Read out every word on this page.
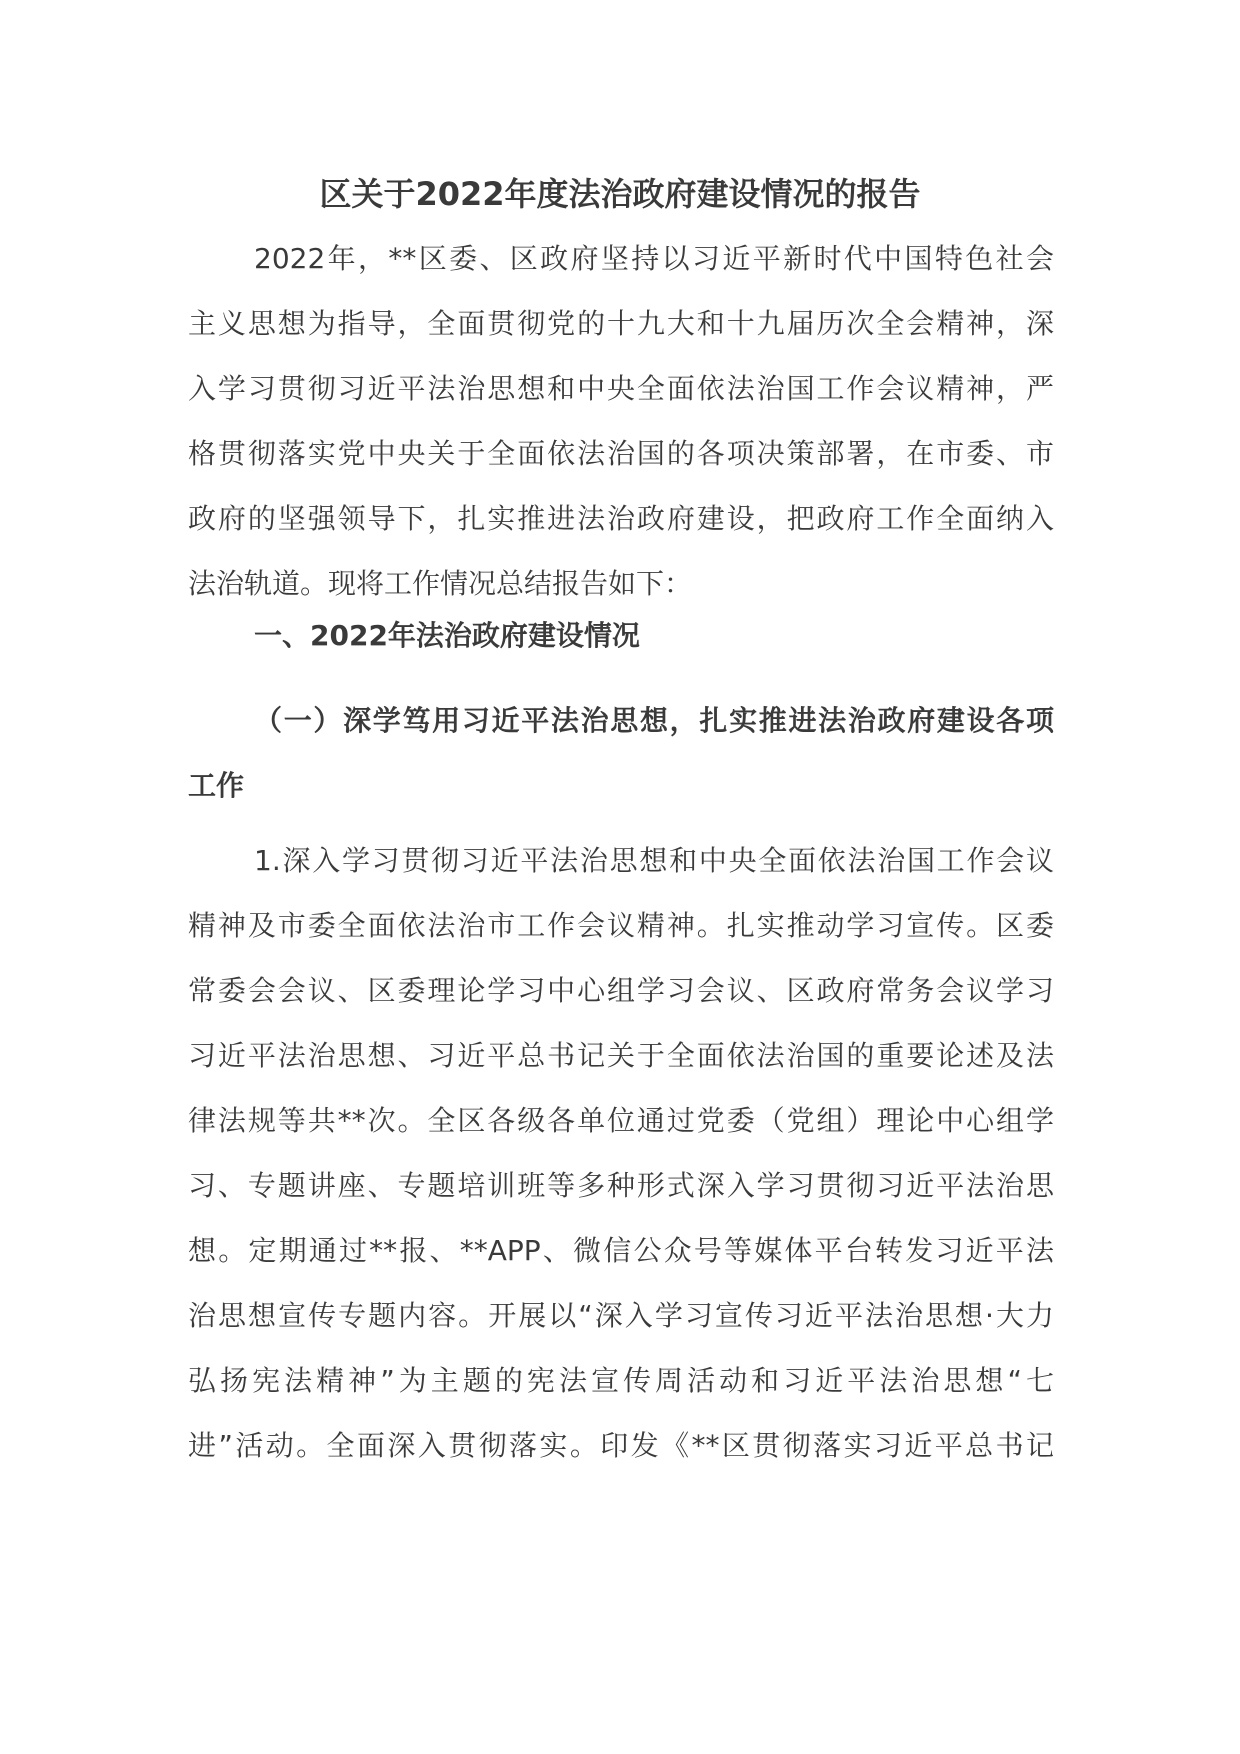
区关于2022年度法治政府建设情况的报告
2022年，**区委、区政府坚持以习近平新时代中国特色社会
主义思想为指导，全面贯彻党的十九大和十九届历次全会精神，深
入学习贯彻习近平法治思想和中央全面依法治国工作会议精神，严
格贯彻落实党中央关于全面依法治国的各项决策部署，在市委、市
政府的坚强领导下，扎实推进法治政府建设，把政府工作全面纳入
法治轨道。现将工作情况总结报告如下：
一、2022年法治政府建设情况
（一）深学笃用习近平法治思想，扎实推进法治政府建设各项
工作
1.深入学习贯彻习近平法治思想和中央全面依法治国工作会议
精神及市委全面依法治市工作会议精神。扎实推动学习宣传。区委
常委会会议、区委理论学习中心组学习会议、区政府常务会议学习
习近平法治思想、习近平总书记关于全面依法治国的重要论述及法
律法规等共**次。全区各级各单位通过党委（党组）理论中心组学
习、专题讲座、专题培训班等多种形式深入学习贯彻习近平法治思
想。定期通过**报、**APP、微信公众号等媒体平台转发习近平法
治思想宣传专题内容。开展以“深入学习宣传习近平法治思想·大力
弘扬宪法精神”为主题的宪法宣传周活动和习近平法治思想“七
进”活动。全面深入贯彻落实。印发《**区贯彻落实习近平总书记
